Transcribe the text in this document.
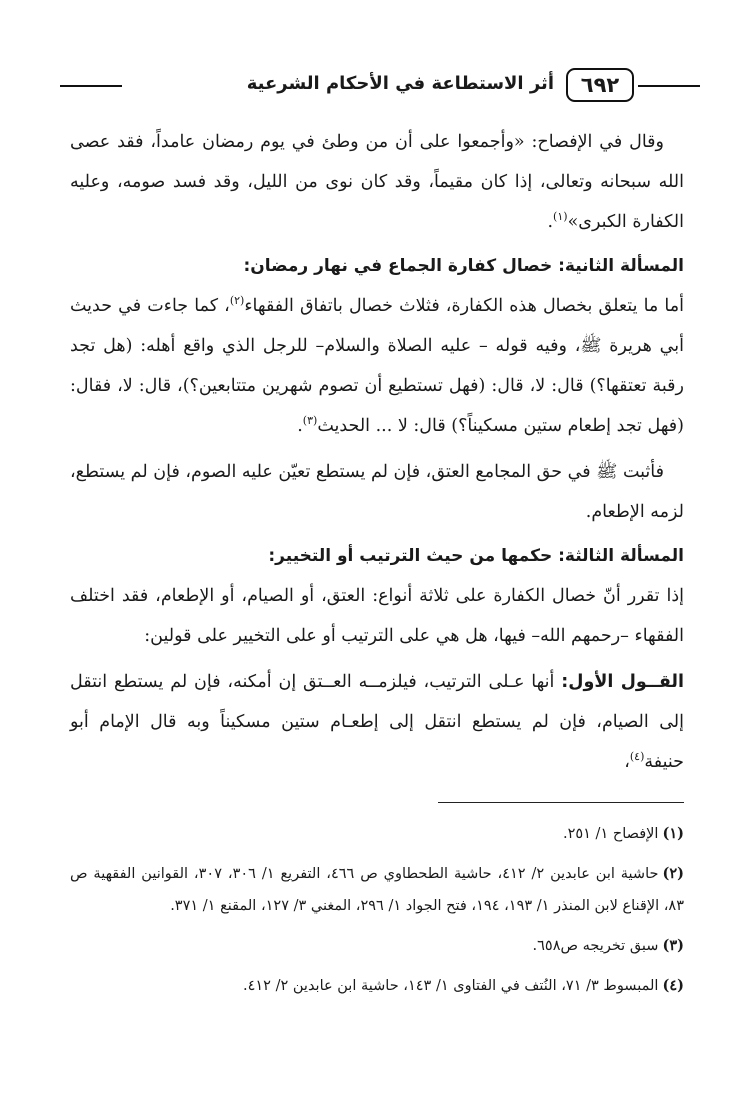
٦٩٢
أثر الاستطاعة في الأحكام الشرعية

وقال في الإفصاح: «وأجمعوا على أن من وطئ في يوم رمضان عامداً، فقد عصى الله سبحانه وتعالى، إذا كان مقيماً، وقد كان نوى من الليل، وقد فسد صومه، وعليه الكفارة الكبرى»$^{(١)}$.

المسألة الثانية: خصال كفارة الجماع في نهار رمضان:

أما ما يتعلق بخصال هذه الكفارة، فثلاث خصال باتفاق الفقهاء$^{(٢)}$، كما جاءت في حديث أبي هريرة ﷺ، وفيه قوله – عليه الصلاة والسلام– للرجل الذي واقع أهله: (هل تجد رقبة تعتقها؟) قال: لا، قال: (فهل تستطيع أن تصوم شهرين متتابعين؟)، قال: لا، فقال: (فهل تجد إطعام ستين مسكيناً؟) قال: لا ... الحديث$^{(٣)}$.

فأثبت ﷺ في حق المجامع العتق، فإن لم يستطع تعيّن عليه الصوم، فإن لم يستطع، لزمه الإطعام.

المسألة الثالثة: حكمها من حيث الترتيب أو التخيير:

إذا تقرر أنّ خصال الكفارة على ثلاثة أنواع: العتق، أو الصيام، أو الإطعام، فقد اختلف الفقهاء –رحمهم الله– فيها، هل هي على الترتيب أو على التخيير على قولين:

القــول الأول: أنها عـلى الترتيب، فيلزمــه العــتق إن أمكنه، فإن لم يستطع انتقل إلى الصيام، فإن لم يستطع انتقل إلى إطعـام ستين مسكيناً وبه قال الإمام أبو حنيفة$^{(٤)}$،

(١)الإفصاح ١/ ٢٥١.

(٢)حاشية ابن عابدين ٢/ ٤١٢، حاشية الطحطاوي ص ٤٦٦، التفريع ١/ ٣٠٦، ٣٠٧، القوانين الفقهية ص ٨٣، الإقناع لابن المنذر ١/ ١٩٣، ١٩٤، فتح الجواد ١/ ٢٩٦، المغني ٣/ ١٢٧، المقنع ١/ ٣٧١.

(٣)سبق تخريجه ص٦٥٨.

(٤)المبسوط ٣/ ٧١، النُتف في الفتاوى ١/ ١٤٣، حاشية ابن عابدين ٢/ ٤١٢.
